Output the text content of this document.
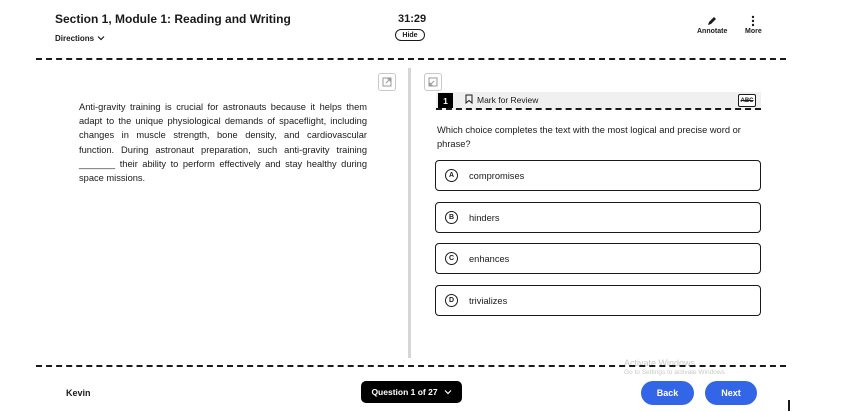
Section 1, Module 1: Reading and Writing
Directions
31:29
Hide	Annotate	More
Anti-gravity training is crucial for astronauts because it helps them adapt to the unique physiological demands of spaceflight, including changes in muscle strength, bone density, and cardiovascular function. During astronaut preparation, such anti-gravity training _______ their ability to perform effectively and stay healthy during space missions.
1	Mark for Review	ABC
Which choice completes the text with the most logical and precise word or phrase?
A	compromises
B	hinders
C	enhances
D	trivializes
Activate Windows
Go to Settings to activate Windows.
Kevin	Question 1 of 27	Back	Next
